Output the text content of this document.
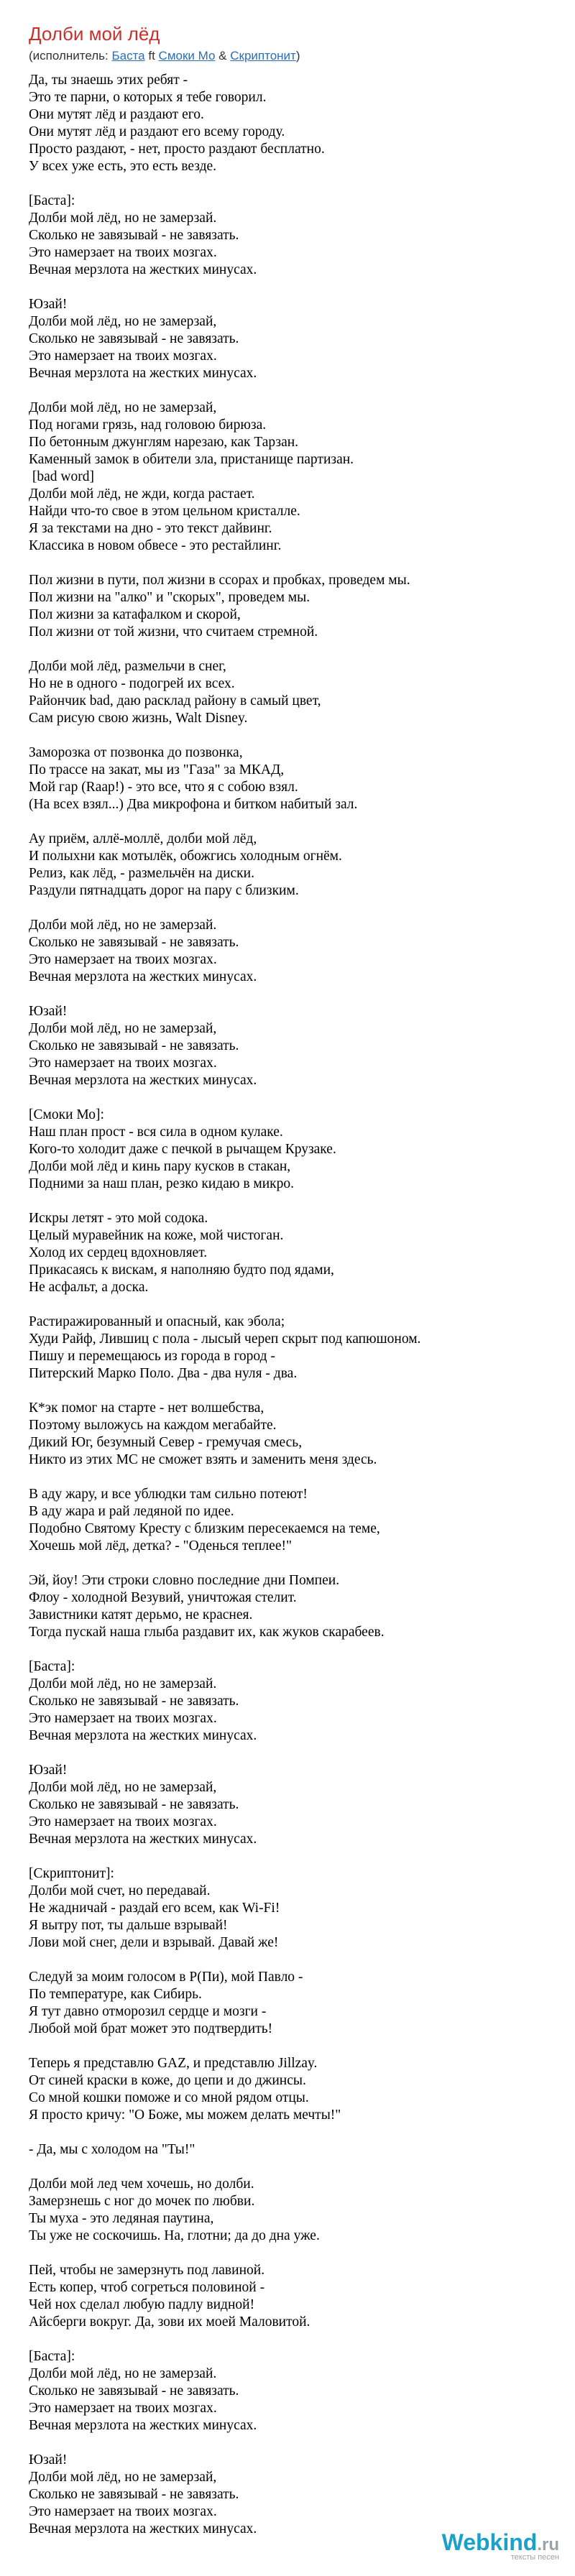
Долби мой лёд
(исполнитель: Баста ft Смоки Мо & Скриптонит)
Да, ты знаешь этих ребят -
Это те парни, о которых я тебе говорил.
Они мутят лёд и раздают его.
Они мутят лёд и раздают его всему городу.
Просто раздают, - нет, просто раздают бесплатно.
У всех уже есть, это есть везде.
[Баста]:
Долби мой лёд, но не замерзай.
Сколько не завязывай - не завязать.
Это намерзает на твоих мозгах.
Вечная мерзлота на жестких минусах.
Юзай!
Долби мой лёд, но не замерзай,
Сколько не завязывай - не завязать.
Это намерзает на твоих мозгах.
Вечная мерзлота на жестких минусах.
Долби мой лёд, но не замерзай,
Под ногами грязь, над головою бирюза.
По бетонным джунглям нарезаю, как Тарзан.
Каменный замок в обители зла, пристанище партизан.
[bad word]
Долби мой лёд, не жди, когда растает.
Найди что-то свое в этом цельном кристалле.
Я за текстами на дно - это текст дайвинг.
Классика в новом обвесе - это рестайлинг.
Пол жизни в пути, пол жизни в ссорах и пробках, проведем мы.
Пол жизни на "алко" и "скорых", проведем мы.
Пол жизни за катафалком и скорой,
Пол жизни от той жизни, что считаем стремной.
Долби мой лёд, размельчи в снег,
Но не в одного - подогрей их всех.
Райончик bad, даю расклад району в самый цвет,
Сам рисую свою жизнь, Walt Disney.
Заморозка от позвонка до позвонка,
По трассе на закат, мы из "Газа" за МКАД,
Мой гар (Raap!) - это все, что я с собою взял.
(На всех взял...) Два микрофона и битком набитый зал.
Ау приём, аллё-моллё, долби мой лёд,
И полыхни как мотылёк, обожгись холодным огнём.
Релиз, как лёд, - размельчён на диски.
Раздули пятнадцать дорог на пару с близким.
Долби мой лёд, но не замерзай.
Сколько не завязывай - не завязать.
Это намерзает на твоих мозгах.
Вечная мерзлота на жестких минусах.
Юзай!
Долби мой лёд, но не замерзай,
Сколько не завязывай - не завязать.
Это намерзает на твоих мозгах.
Вечная мерзлота на жестких минусах.
[Смоки Мо]:
Наш план прост - вся сила в одном кулаке.
Кого-то холодит даже с печкой в рычащем Крузаке.
Долби мой лёд и кинь пару кусков в стакан,
Подними за наш план, резко кидаю в микро.
Искры летят - это мой содока.
Целый муравейник на коже, мой чистоган.
Холод их сердец вдохновляет.
Прикасаясь к вискам, я наполняю будто под ядами,
Не асфальт, а доска.
Растиражированный и опасный, как эбола;
Худи Райф, Лившиц с пола - лысый череп скрыт под капюшоном.
Пишу и перемещаюсь из города в город -
Питерский Марко Поло. Два - два нуля - два.
К*эк помог на старте - нет волшебства,
Поэтому выложусь на каждом мегабайте.
Дикий Юг, безумный Север - гремучая смесь,
Никто из этих МС не сможет взять и заменить меня здесь.
В аду жару, и все ублюдки там сильно потеют!
В аду жара и рай ледяной по идее.
Подобно Святому Кресту с близким пересекаемся на теме,
Хочешь мой лёд, детка? - "Оденься теплее!"
Эй, йоу! Эти строки словно последние дни Помпеи.
Флоу - холодной Везувий, уничтожая стелит.
Завистники катят дерьмо, не краснея.
Тогда пускай наша глыба раздавит их, как жуков скарабеев.
[Баста]:
Долби мой лёд, но не замерзай.
Сколько не завязывай - не завязать.
Это намерзает на твоих мозгах.
Вечная мерзлота на жестких минусах.
Юзай!
Долби мой лёд, но не замерзай,
Сколько не завязывай - не завязать.
Это намерзает на твоих мозгах.
Вечная мерзлота на жестких минусах.
[Скриптонит]:
Долби мой счет, но передавай.
Не жадничай - раздай его всем, как Wi-Fi!
Я вытру пот, ты дальше взрывай!
Лови мой снег, дели и взрывай. Давай же!
Следуй за моим голосом в Р(Пи), мой Павло -
По температуре, как Сибирь.
Я тут давно отморозил сердце и мозги -
Любой мой брат может это подтвердить!
Теперь я представлю GAZ, и представлю Jillzay.
От синей краски в коже, до цепи и до джинсы.
Со мной кошки поможе и со мной рядом отцы.
Я просто кричу: "О Боже, мы можем делать мечты!"
- Да, мы с холодом на "Ты!"
Долби мой лед чем хочешь, но долби.
Замерзнешь с ног до мочек по любви.
Ты муха - это ледяная паутина,
Ты уже не соскочишь. На, глотни; да до дна уже.
Пей, чтобы не замерзнуть под лавиной.
Есть копер, чтоб согреться половиной -
Чей нох сделал любую падлу видной!
Айсберги вокруг. Да, зови их моей Маловитой.
[Баста]:
Долби мой лёд, но не замерзай.
Сколько не завязывай - не завязать.
Это намерзает на твоих мозгах.
Вечная мерзлота на жестких минусах.
Юзай!
Долби мой лёд, но не замерзай,
Сколько не завязывай - не завязать.
Это намерзает на твоих мозгах.
Вечная мерзлота на жестких минусах.
Webkind.ru
тексты песен
